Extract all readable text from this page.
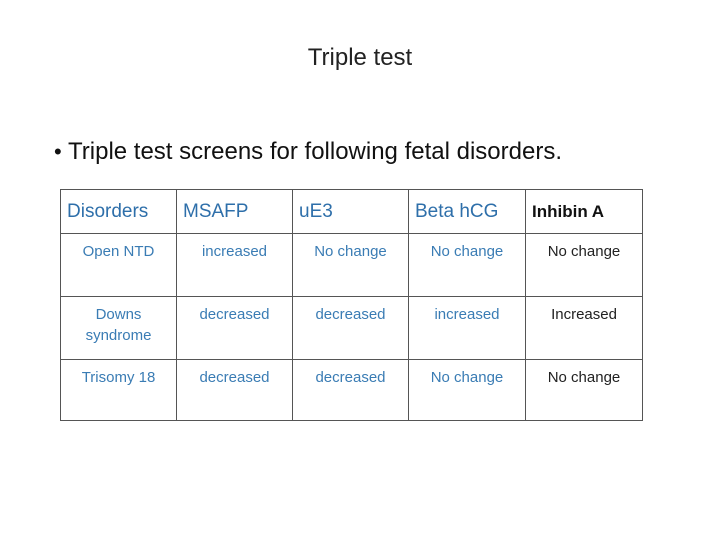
Triple test
• Triple test screens for following fetal disorders.
Disorders	MSAFP	uE3	Beta hCG	Inhibin A
Open NTD	increased	No change	No change	No change
Downs syndrome	decreased	decreased	increased	Increased
Trisomy 18	decreased	decreased	No change	No change
